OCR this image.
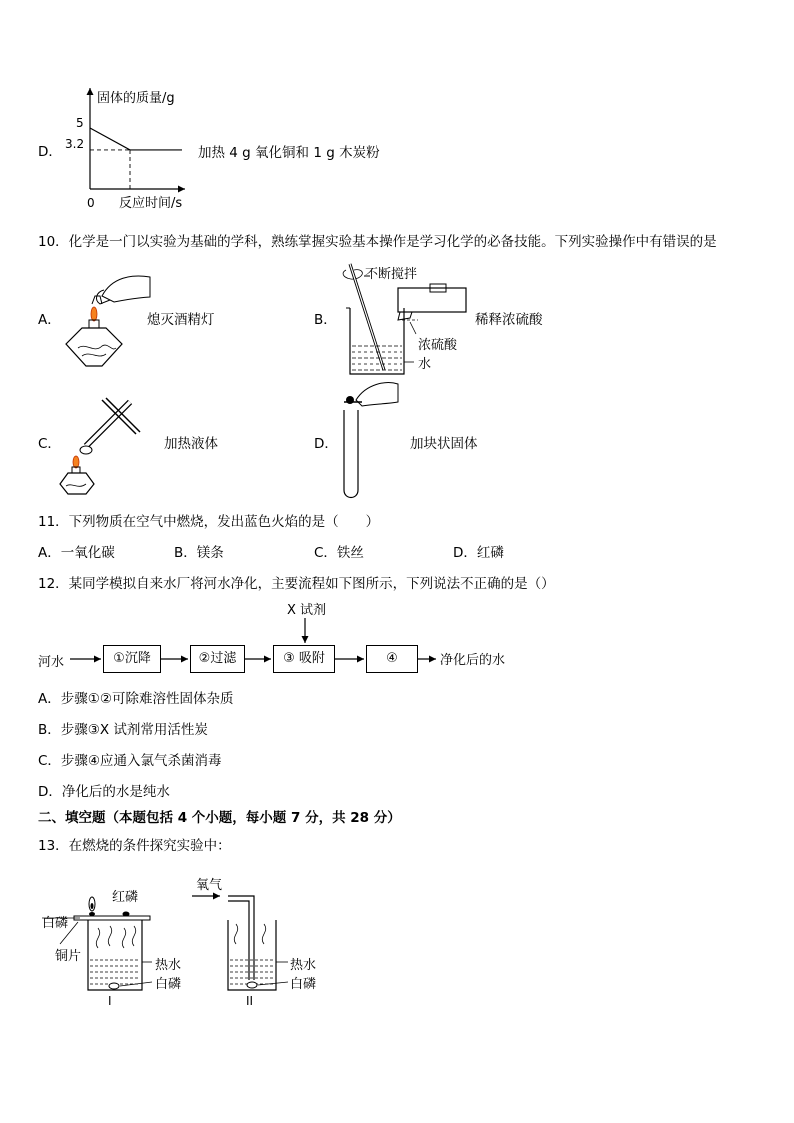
D．
固体的质量/g
反应时间/s
0
5
3.2
加热 4 g 氧化铜和 1 g 木炭粉
10．化学是一门以实验为基础的学科，熟练掌握实验基本操作是学习化学的必备技能。下列实验操作中有错误的是
A．	熄灭酒精灯	B．
不断搅拌
稀释浓硫酸
浓硫酸
水
C．	加热液体	D．	加块状固体
11．下列物质在空气中燃烧，发出蓝色火焰的是（　　）
A．一氧化碳	B．镁条	C．铁丝	D．红磷
12．某同学模拟自来水厂将河水净化，主要流程如下图所示，下列说法不正确的是（）
X 试剂
河水	①沉降	②过滤	③ 吸附	④	净化后的水
A．步骤①②可除难溶性固体杂质
B．步骤③X 试剂常用活性炭
C．步骤④应通入氯气杀菌消毒
D．净化后的水是纯水
二、填空题（本题包括 4 个小题，每小题 7 分，共 28 分）
13．在燃烧的条件探究实验中：
红磷
白磷
铜片
热水
白磷
I
氧气
热水
白磷
II
